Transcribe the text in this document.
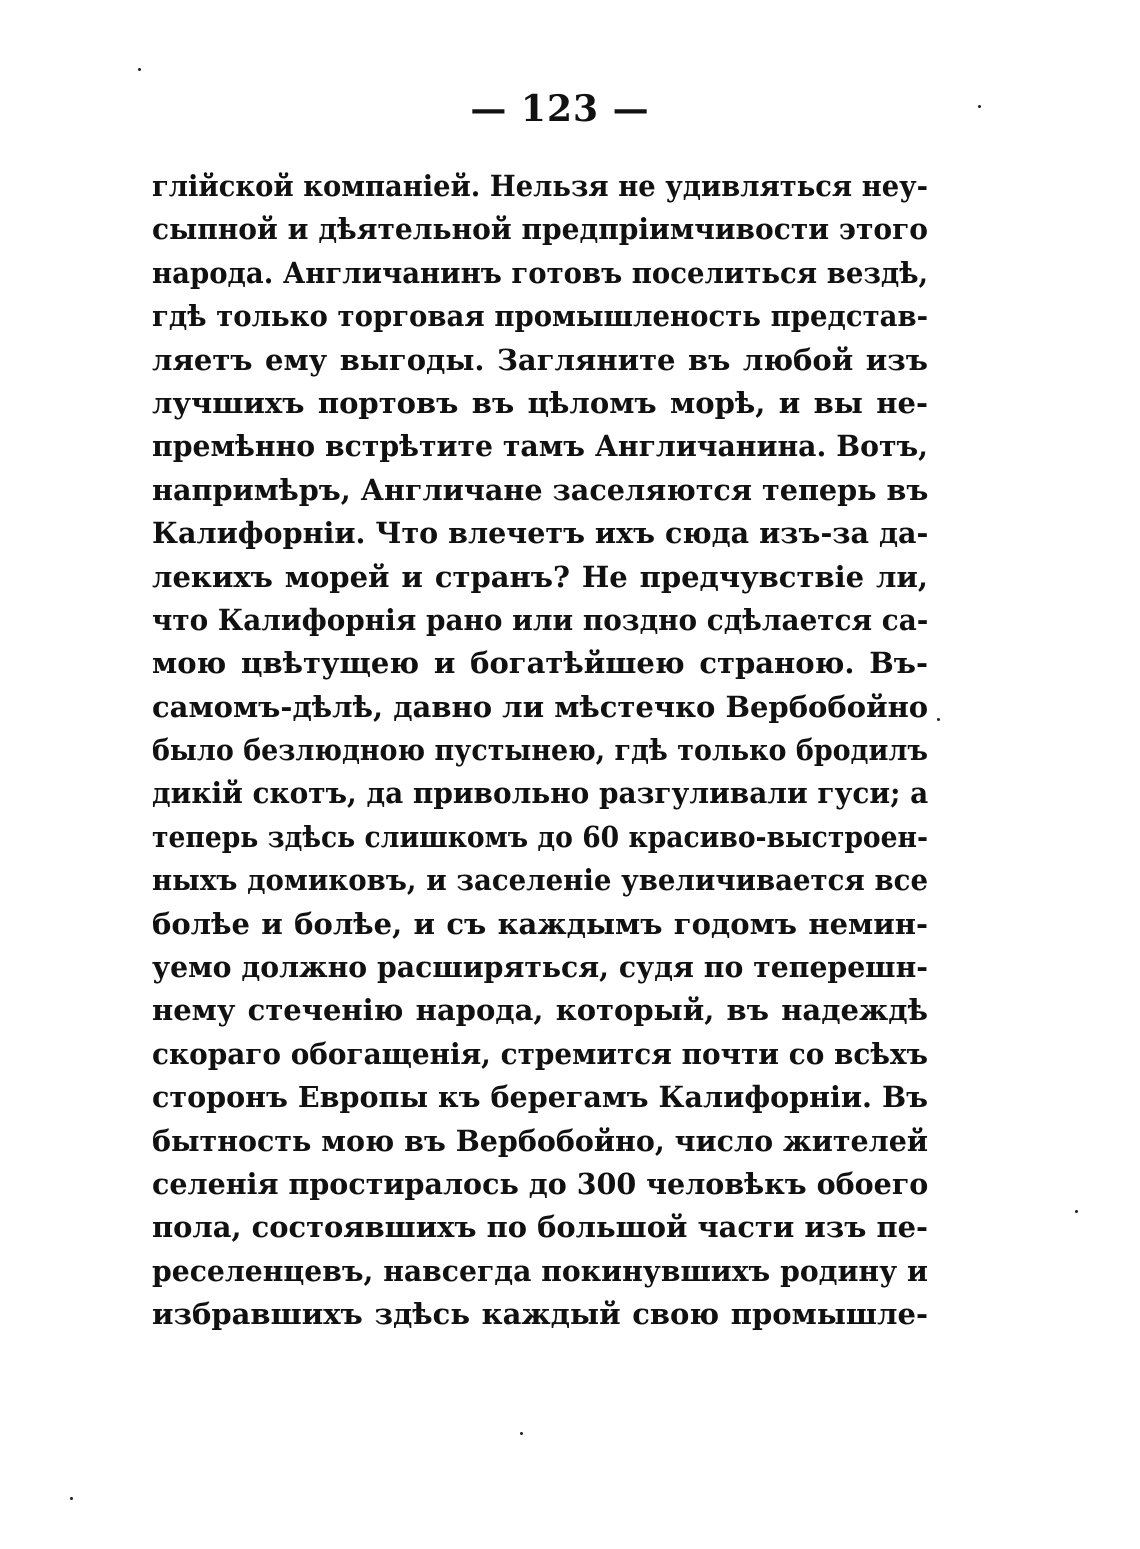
— 123 —
глійской компаніей. Нельзя не удивляться неу-
сыпной и дѣятельной предпріимчивости этого
народа. Англичанинъ готовъ поселиться вездѣ,
гдѣ только торговая промышленость представ-
ляетъ ему выгоды. Загляните въ любой изъ
лучшихъ портовъ въ цѣломъ морѣ, и вы не-
премѣнно встрѣтите тамъ Англичанина. Вотъ,
напримѣръ, Англичане заселяются теперь въ
Калифорніи. Что влечетъ ихъ сюда изъ-за да-
лекихъ морей и странъ? Не предчувствіе ли,
что Калифорнія рано или поздно сдѣлается са-
мою цвѣтущею и богатѣйшею страною. Въ-
самомъ-дѣлѣ, давно ли мѣстечко Вербобойно
было безлюдною пустынею, гдѣ только бродилъ
дикій скотъ, да привольно разгуливали гуси; а
теперь здѣсь слишкомъ до 60 красиво-выстроен-
ныхъ домиковъ, и заселеніе увеличивается все
болѣе и болѣе, и съ каждымъ годомъ немин-
уемо должно расширяться, судя по теперешн-
нему стеченію народа, который, въ надеждѣ
скораго обогащенія, стремится почти со всѣхъ
сторонъ Европы къ берегамъ Калифорніи. Въ
бытность мою въ Вербобойно, число жителей
селенія простиралось до 300 человѣкъ обоего
пола, состоявшихъ по большой части изъ пе-
реселенцевъ, навсегда покинувшихъ родину и
избравшихъ здѣсь каждый свою промышле-
